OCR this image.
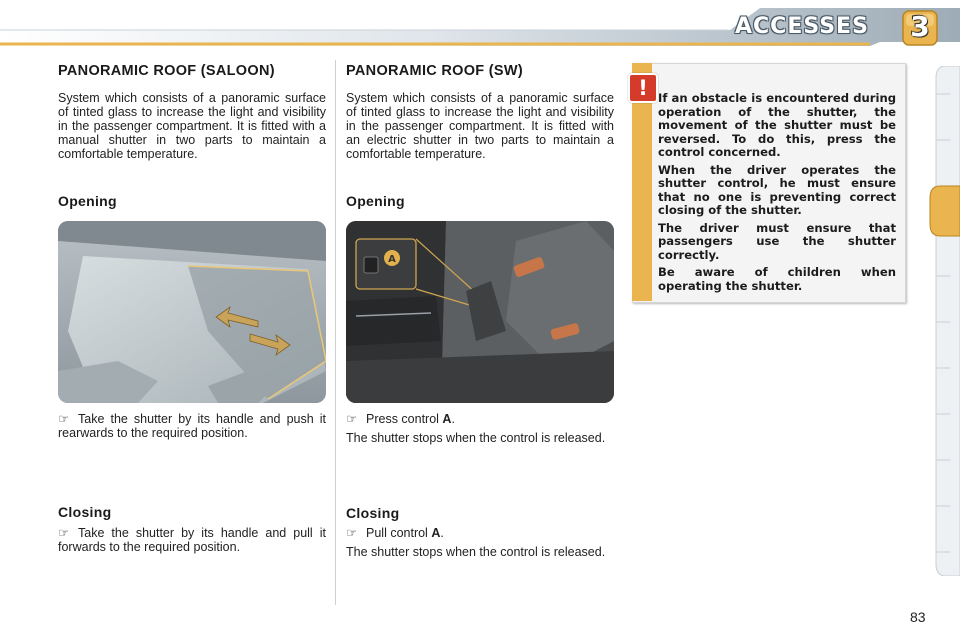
ACCESSES	3
PANORAMIC ROOF (SALOON)

System which consists of a panoramic surface of tinted glass to increase the light and visibility in the passenger compartment. It is fitted with a manual shutter in two parts to maintain a comfortable temperature.

Opening
☞ Take the shutter by its handle and push it rearwards to the required position.
Closing
☞ Take the shutter by its handle and pull it forwards to the required position.
PANORAMIC ROOF (SW)

System which consists of a panoramic surface of tinted glass to increase the light and visibility in the passenger compartment. It is fitted with an electric shutter in two parts to maintain a comfortable temperature.

Opening
A
☞ Press control A.

The shutter stops when the control is released.

Closing
☞ Pull control A.

The shutter stops when the control is released.

! If an obstacle is encountered during operation of the shutter, the movement of the shutter must be reversed. To do this, press the control concerned.

When the driver operates the shutter control, he must ensure that no one is preventing correct closing of the shutter.

The driver must ensure that passengers use the shutter correctly.

Be aware of children when operating the shutter.

83
